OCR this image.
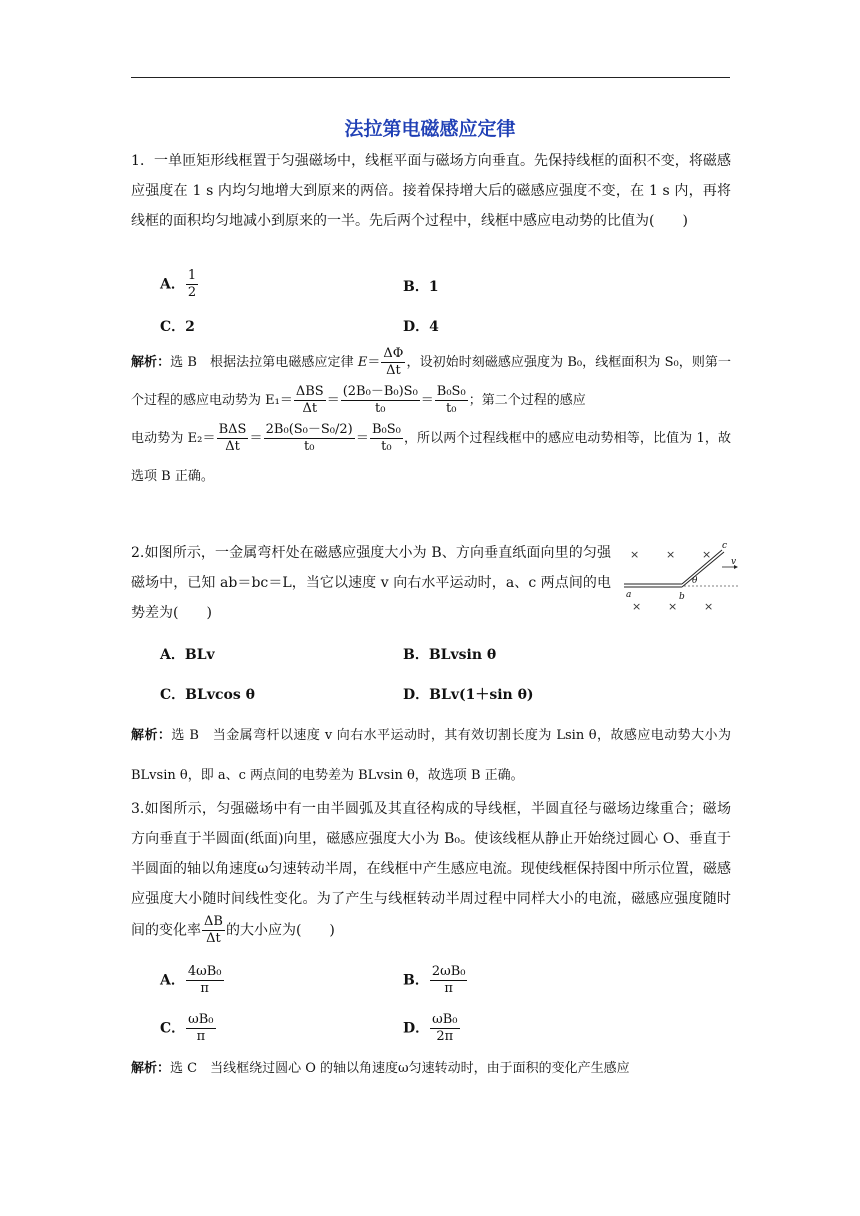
法拉第电磁感应定律
1．一单匝矩形线框置于匀强磁场中，线框平面与磁场方向垂直。先保持线框的面积不变，将磁感应强度在 1 s 内均匀地增大到原来的两倍。接着保持增大后的磁感应强度不变，在 1 s 内，再将线框的面积均匀地减小到原来的一半。先后两个过程中，线框中感应电动势的比值为(　　)
A． $\frac{1}{2}$	B．1
C．2	D．4
解析：选 B　根据法拉第电磁感应定律 $E= \frac{\Delta\Phi}{\Delta t}$ ，设初始时刻磁感应强度为 B₀，线框面积为 S₀，则第一个过程的感应电动势为 $E_1= \frac{\text{ΔBS}}{\Delta t} = \frac{\text{(2B₀－B₀)S₀}}{\text{t₀}} = \frac{\text{B₀S₀}}{\text{t₀}}$ ；第二个过程的感应
电动势为 $E_2= \frac{\text{BΔS}}{\Delta t} = \frac{\text{2B₀(S₀－S₀/2)}}{\text{t₀}} = \frac{\text{B₀S₀}}{\text{t₀}}$ ，所以两个过程线框中的感应电动势相等，比值为 1，故选项 B 正确。
2.如图所示，一金属弯杆处在磁感应强度大小为 B、方向垂直纸面向里的匀强磁场中，已知 ab＝bc＝L，当它以速度 v 向右水平运动时，a、c 两点间的电势差为(　　)
× × ×
× × ×
a	b
c
v
θ
A．BLv	B．BLvsin θ
C．BLvcos θ	D．BLv(1＋sin θ)
解析：选 B　当金属弯杆以速度 v 向右水平运动时，其有效切割长度为 Lsin θ，故感应电动势大小为 BLvsin θ，即 a、c 两点间的电势差为 BLvsin θ，故选项 B 正确。
3.如图所示，匀强磁场中有一由半圆弧及其直径构成的导线框，半圆直径与磁场边缘重合；磁场方向垂直于半圆面(纸面)向里，磁感应强度大小为 B₀。使该线框从静止开始绕过圆心 O、垂直于半圆面的轴以角速度ω匀速转动半周，在线框中产生感应电流。现使线框保持图中所示位置，磁感应强度大小随时间线性变化。为了产生与线框转动半周过程中同样大小的电流，磁感应强度随时间的变化率 $\frac{\Delta B}{\Delta t}$ 的大小应为(　　)
A． $\frac{\text{4ωB₀}}{\pi}$	B． $\frac{\text{2ωB₀}}{\pi}$
C． $\frac{\text{ωB₀}}{\pi}$	D． $\frac{\text{ωB₀}}{2\pi}$
解析：选 C　当线框绕过圆心 O 的轴以角速度ω匀速转动时，由于面积的变化产生感应
